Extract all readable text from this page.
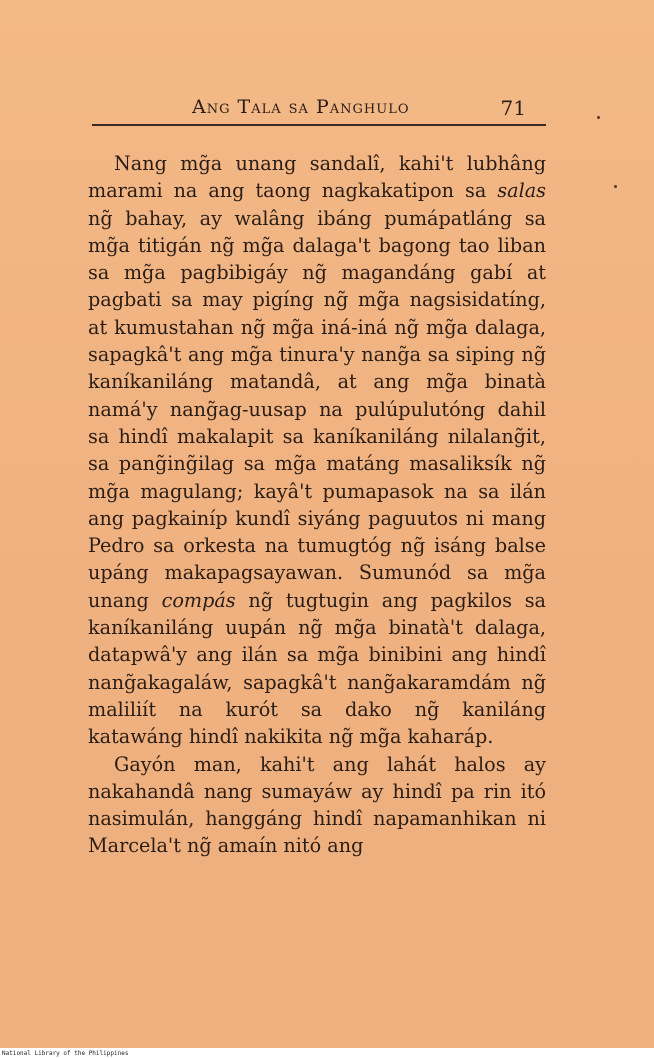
Ang Tala sa Panghulo	71

Nang mg̃a unang sandalî, kahi't lubhâng marami na ang taong nagkakatipon sa salas ng̃ bahay, ay walâng ibáng pumápatláng sa mg̃a titigán ng̃ mg̃a dalaga't bagong tao liban sa mg̃a pagbibigáy ng̃ magandáng gabí at pagbati sa may pigíng ng̃ mg̃a nagsisidatíng, at kumustahan ng̃ mg̃a iná-iná ng̃ mg̃a dalaga, sapagkâ't ang mg̃a tinura'y nang̃a sa siping ng̃ kaníkaniláng matandâ, at ang mg̃a binatà namá'y nang̃ag-uusap na pulúpulutóng dahil sa hindî makalapit sa kaníkaniláng nilalang̃it, sa pang̃ing̃ilag sa mg̃a matáng masaliksík ng̃ mg̃a magulang; kayâ't pumapasok na sa ilán ang pagkainíp kundî siyáng paguutos ni mang Pedro sa orkesta na tumugtóg ng̃ isáng balse upáng makapagsayawan. Sumunód sa mg̃a unang compás ng̃ tugtugin ang pagkilos sa kaníkaniláng uupán ng̃ mg̃a binatà't dalaga, datapwâ'y ang ilán sa mg̃a binibini ang hindî nang̃akagaláw, sapagkâ't nang̃akaramdám ng̃ maliliít na kurót sa dako ng̃ kaniláng katawáng hindî nakikita ng̃ mg̃a kaharáp.

Gayón man, kahi't ang lahát halos ay nakahandâ nang sumayáw ay hindî pa rin itó nasimulán, hanggáng hindî napamanhikan ni Marcela't ng̃ amaín nitó ang

National Library of the Philippines
